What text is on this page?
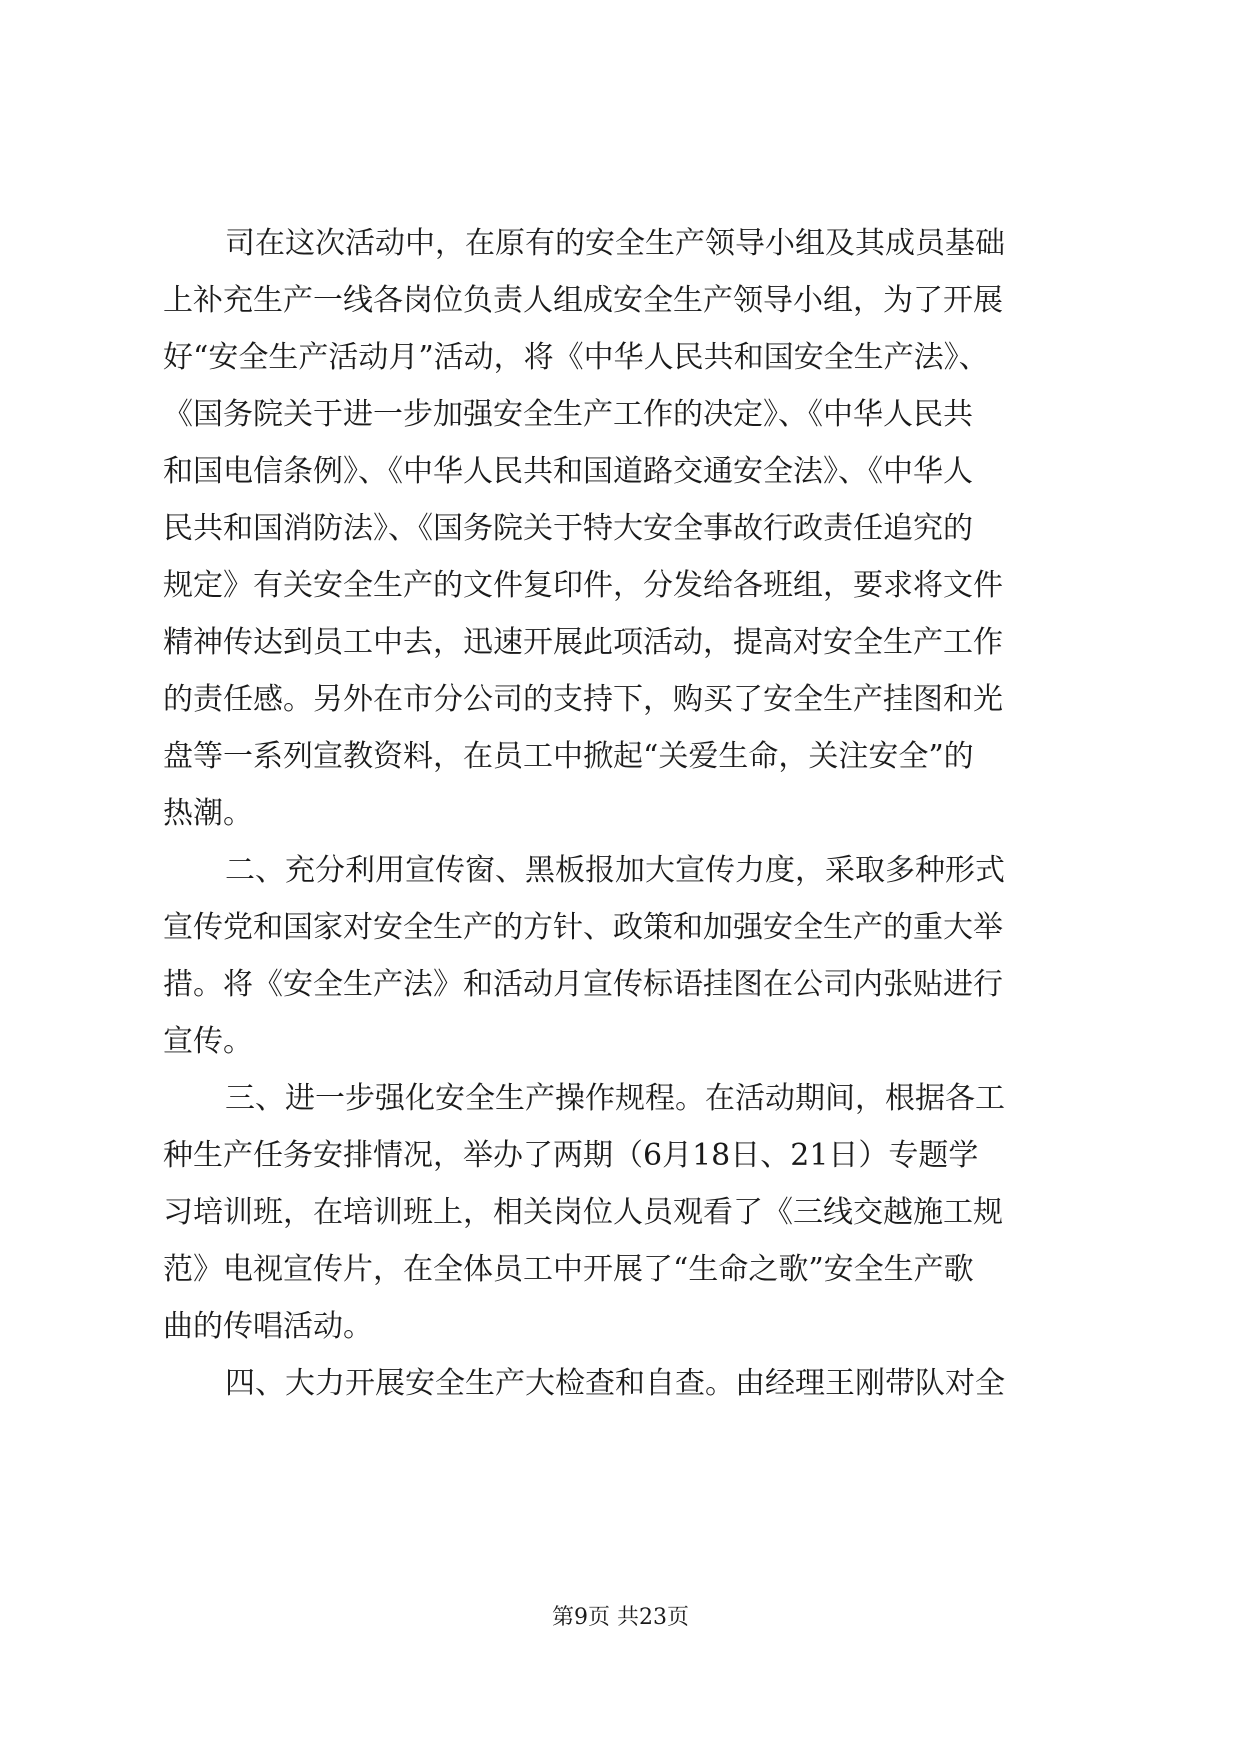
司在这次活动中，在原有的安全生产领导小组及其成员基础
上补充生产一线各岗位负责人组成安全生产领导小组，为了开展
好“安全生产活动月”活动，将《中华人民共和国安全生产法》、
《国务院关于进一步加强安全生产工作的决定》、《中华人民共
和国电信条例》、《中华人民共和国道路交通安全法》、《中华人
民共和国消防法》、《国务院关于特大安全事故行政责任追究的
规定》有关安全生产的文件复印件，分发给各班组，要求将文件
精神传达到员工中去，迅速开展此项活动，提高对安全生产工作
的责任感。另外在市分公司的支持下，购买了安全生产挂图和光
盘等一系列宣教资料，在员工中掀起“关爱生命，关注安全”的
热潮。
二、充分利用宣传窗、黑板报加大宣传力度，采取多种形式
宣传党和国家对安全生产的方针、政策和加强安全生产的重大举
措。将《安全生产法》和活动月宣传标语挂图在公司内张贴进行
宣传。
三、进一步强化安全生产操作规程。在活动期间，根据各工
种生产任务安排情况，举办了两期（6月18日、21日）专题学
习培训班，在培训班上，相关岗位人员观看了《三线交越施工规
范》电视宣传片，在全体员工中开展了“生命之歌”安全生产歌
曲的传唱活动。
四、大力开展安全生产大检查和自查。由经理王刚带队对全
第9页 共23页
